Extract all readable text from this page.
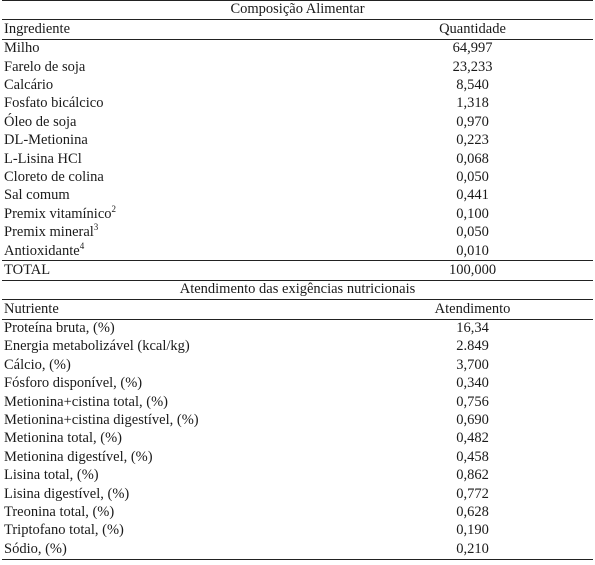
Composição Alimentar	
Ingrediente	Quantidade
Milho	64,997
Farelo de soja	23,233
Calcário	8,540
Fosfato bicálcico	1,318
Óleo de soja	0,970
DL-Metionina	0,223
L-Lisina HCl	0,068
Cloreto de colina	0,050
Sal comum	0,441
Premix vitamínico$^2$	0,100
Premix mineral$^3$	0,050
Antioxidante$^4$	0,010
TOTAL	100,000
Atendimento das exigências nutricionais	
Nutriente	Atendimento
Proteína bruta, (%)	16,34
Energia metabolizável (kcal/kg)	2.849
Cálcio, (%)	3,700
Fósforo disponível, (%)	0,340
Metionina+cistina total, (%)	0,756
Metionina+cistina digestível, (%)	0,690
Metionina total, (%)	0,482
Metionina digestível, (%)	0,458
Lisina total, (%)	0,862
Lisina digestível, (%)	0,772
Treonina total, (%)	0,628
Triptofano total, (%)	0,190
Sódio, (%)	0,210
